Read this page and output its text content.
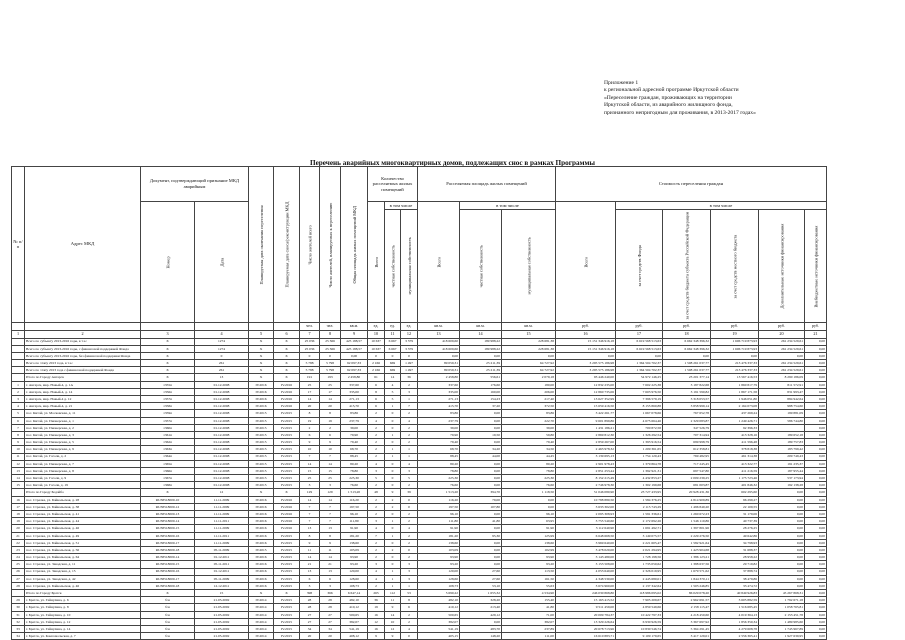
Приложение 1
к региональной адресной программе Иркутской области
«Переселение граждан, проживающих на территории
Иркутской области, из аварийного жилищного фонда,
признанного непригодным для проживания, в 2013-2017 годах»
Перечень аварийных многоквартирных домов, подлежащих снос в рамках Программы
№ п/п	Адрес МКД	Документ, подтверждающий признание МКД аварийным		Планируемая дата окончания переселения	Планируемая дата сноса/реконструкции МКД	Число жителей всего	Число жителей, планируемых к переселению	Общая площадь жилых помещений МКД	Количество расселяемых жилых помещений			Расселяемая площадь жилых помещений			Стоимость переселения граждан					
		Номер	Дата						Всего	в том числе		Всего	в том числе		Всего	в том числе				
										частная собственность	муниципальная собственность		частная собственность	муниципальная собственность		за счет средств Фонда	за счет средств бюджета субъекта Российской Федерации	за счет средств местного бюджета	Дополнительные источники финансирования	Внебюджетные источники финансирования
						чел.	чел.	кв.м.	ед.	ед.	ед.	кв.м.	кв.м.	кв.м.	руб.	руб.	руб.	руб.	руб.	руб.
1	2	3	4	5	6	7	8	9	10	11	12	13	14	15	16	17	18	19	20	21
	Всего по субъекту 2013-2016 годы, в т.ч.:	Х	1274	Х	Х	25 036	25 366	425 188,57	10 637	6 667	3 379	418 609,60	189 988,22	228 681,38	15 151 346 916,18	6 619 568 513,63	6 662 348 396,32	1 606 719 873,93	261 234 529,61	0,00
	Всего по субъекту 2013-2016 годы, с финансовой поддержкой Фонда	Х	1274	Х	Х	25 036	25 366	425 188,57	10 637	6 667	3 379	418 609,60	189 988,22	228 681,38	15 151 346 916,18	6 619 568 513,63	6 662 348 396,32	1 606 719 873,93	261 234 529,61	0,00
	Всего по субъекту 2013-2016 годы, без финансовой поддержки Фонда	Х	0	Х	Х	0	0	0,00	0	0	0	0,00	0,00	0,00	0,00	0,00	0,00	0,00	0,00	0,00
	Всего по этапу 2013 года, в т.ч.:	Х	261	Х	Х	5 788	5 798	92 097,33	2 166	669	1 497	89 059,31	25 211,39	64 727,92	3 295 575 186,98	1 364 504 702,37	1 508 261 037,77	213 476 337,33	261 234 529,61	0,00
	Всего по этапу 2013 года с финансовой поддержкой Фонда	Х	261	Х	Х	5 788	5 798	92 097,33	2 166	669	1 497	89 059,31	25 211,39	64 727,92	3 295 575 186,98	1 364 504 702,37	1 508 261 037,77	213 476 337,33	261 234 529,61	0,00
	Итого по Городу Ангарск	Х	13	Х	Х	191	193	2 458,80	61	14	36	2 458,80	556,61	2 079,18	93 446 240,00	54 972 146,25	23 201 377,14	13 567 416,53	8 290 186,09	0,00
1	г. Ангарск, мкр. Новый-4, д. 1А	1355п	01.12.2008	IV.2016	IV.2016	25	25	337,60	6	4	2	337,60	176,60	180,00	12 832 235,00	7 602 225,38	3 187 822,68	1 860 817,79	811 572,91	0,00
2	г. Ангарск, мкр. Новый-4, д. 14	1356п	01.12.2008	IV.2016	IV.2016	17	17	335,00	8	5	3	335,00	160,00	206,00	12 860 735,06	7 603 976,50	3 191 590,82	1 867 171,58	831 993,47	0,00
3	г. Ангарск, мкр. Новый-4 д. 12	1357п	01.12.2008	IV.2016	IV.2016	14	14	271,13	6	5	1	271,13	154,23	217,40	13 627 352,99	7 396 579,19	3 318 053,57	1 946 051,80	884 942,64	0,00
4	г. Ангарск, мкр. Новый-4, д. 21	1358п	01.12.2008	IV.2016	IV.2016	20	20	415,70	6	1	7	415,70	37,20	372,50	15 659 416,50	8 155 860,88	3 858 999,14	2 164 073,08	988 754,60	0,00
5	пос. Китой, ул. Московская, д. 11	1359п	01.12.2008	IV.2015	IV.2015	8	8	83,86	2	0	2	83,86	0,00	83,86	3 422 261,77	1 667 078,66	767 652,78	437 269,24	199 881,09	0,00
6	пос. Китой, ул. Пионерская, д. 1	1357п	01.12.2008	IV.2015	IV.2015	19	19	237,79	4	0	4	237,79	0,00	222,70	9 601 899,86	4 675 664,46	2 329 083,87	1 249 426,71	586 744,80	0,00
7	пос. Китой, ул. Пионерская, д. 2	1360п	01.12.2008	IV.2015	IV.2015	2	2	39,00	2	0	2	39,00	0,00	39,00	1 431 186,21	700 872,58	347 526,79	92 396,33		0,00
8	пос. Китой, ул. Пионерская, д. 3	1361п	01.12.2008	IV.2015	IV.2015	6	6	79,90	2	1	2	79,90	19,50	59,80	2 869 812,30	1 326 292,54	707 314,94	413 328,16	189 652,18	0,00
9	пос. Китой, ул. Пионерская, д. 5	1362п	01.12.2008	IV.2015	IV.2015	9	9	79,40	2	0	2	79,40	0,00	79,40	2 859 267,00	1 393 916,54	699 998,79	411 596,48	189 757,83	0,00
10	пос. Китой, ул. Пионерская, д. 9	1363п	01.12.2008	IV.2015	IV.2015	10	10	68,70	2	1	1	68,70	34,20	34,50	2 463 978,32	1 209 361,65	612 358,81	378 818,38	183 799,42	0,00
11	пос. Китой, ул. Гоголя, д. 2	1364п	01.12.2008	IV.2015	IV.2015	7	7	88,45	2	1	1	88,45	44,00	44,45	3 139 695,13	1 754 120,43	769 482,95	461 314,38	209 749,43	0,00
12	пос. Китой, ул. Пионерская, д. 7	1365п	01.12.2008	IV.2015	IV.2015	14	14	80,20	4	0	4	80,20	0,00	80,20	2 901 978,43	1 379 864,78	717 245,45	413 322,77	191 235,37	0,00
13	пос. Китой, ул. Пионерская, д. 8	1366п	01.12.2008	IV.2015	IV.2015	15	15	78,80	3	0	3	78,80	0,00	78,80	2 851 253,44	1 392 921,31	697 547,80	411 216,59	187 955,44	0,00
14	пос. Китой, ул. Гоголя, д. 9	1367п	01.12.2008	IV.2015	IV.2015	25	25	225,30	5	0	5	225,30	0,00	225,30	8 152 215,49	4 432 853,27	2 009 239,25	1 175 723,46	537 173,94	0,00
15	пос. Китой, ул. Гоголя, д. 19	1368п	01.12.2008	IV.2015	IV.2015	3	3	76,60	2	0	2	76,60	0,00	76,60	2 746 978,30	1 302 199,68	681 003,87	401 846,32	192 138,28	0,00
	Итого по Городу Бодайбо	Х	12	Х	Х	129	129	1 513,20	48	9	39	1 513,20	394,70	1 118,50	51 046 080,90	23 727 433,95	20 928 431,36	602 295,60	0,00	0,00
16	пос. Стрелка, ул. Байкальская, д. 28	RU38518000-10	11.11.2009	IV.2016	IV.2016	14	14	116,20	2	2	0	116,20	79,00	0,00	10 788 880,50	1 584 376,25	4 814 909,89	96 299,27	0,00	0,00
17	пос. Стрелка, ул. Байкальская, д. 38	RU38518000-12	11.11.2009	IV.2016	IV.2016	7	7	197,50	2	2	0	197,50	107,80	0,00	3 633 302,00	2 115 743,29	1 496 840,20	22 109,55	0,00	0,00
18	пос. Стрелка, ул. Байкальская, д. 41	RU38518000-13	11.11.2009	IV.2016	IV.2016	7	7	96,10	2	0	2	96,10	0,00	96,10	2 095 308,93	1 591 336,61	1 260 672,23	31 179,06	0,00	0,00
19	пос. Стрелка, ул. Байкальская, д. 44	RU38518000-14	11.11.2011	IV.2016	IV.2016	7	7	111,80	3	1	2	111,80	41,80	63,95	3 755 540,60	2 172 692,26	1 546 110,86	40 737,39	0,00	0,00
20	пос. Стрелка, ул. Байкальская, д. 46	RU38518000-15	11.11.2009	IV.2016	IV.2016	13	13	91,90	4	0	4	91,90	0,00	91,90	3 112 640,90	1 691 492,71	1 397 801,96	28 276,25	0,00	0,00
21	пос. Стрелка, ул. Байкальская, д. 49	RU38518000-16	11.11.2011	IV.2016	IV.2015	8	8	181,20	7	1	2	181,20	95,30	125,99	6 648 668,50	3 149 075,57	2 229 276,50	49 642,86	0,00	0,00
22	пос. Стрелка, ул. Байкальская, д. 51	RU38518000-17	11.11.2009	IV.2016	IV.2015	9	9	138,60	2	0	2	138,60	0,00	138,60	3 969 640,00	2 221 605,47	1 582 921,64	34 798,93	0,00	0,00
23	пос. Стрелка, ул. Байкальская, д. 56	RU38518000-18	05.11.2009	IV.2015	IV.2015	11	11	103,09	2	2	0	103,09	0,00	102,99	3 478 020,00	2 021 294,95	1 423 904,68	31 688,37	0,00	0,00
24	пос. Стрелка, ул. Байкальская, д. 64	RU38518000-14	01.12.2011	IV.2016	IV.2015	14	14	93,90	2	0	2	93,90	0,00	93,90	3 143 480,00	1 728 198,56	1 386 123,21	28 958,22	0,00	0,00
25	пос. Стрелка, ул. Заводская, д. 11	RU38518000-15	05.11.2011	IV.2016	IV.2015	21	21	93,20	3	0	3	93,20	0,00	93,20	3 153 508,00	1 735 050,62	1 388 637,56	29 719,82	0,00	0,00
26	пос. Стрелка, ул. Заводская, д. 15	RU38518000-16	01.12.2011	IV.2016	IV.2015	13	13	120,00	4	1	3	120,00	27,60	113,50	4 053 640,00	2 326 019,95	1 679 571,62	37 888,74	0,00	0,00
27	пос. Стрелка, ул. Заводская, д. 42	RU38518000-17	05.11.2009	IV.2016	IV.2015	6	6	128,60	4	1	3	128,60	27,60	161,50	4 348 530,00	2 445 680,01	1 844 370,11	38 479,86	0,00	0,00
28	пос. Стрелка, ул. Байкальская, д. 46	RU38518000-18	12.12.2011	IV.2016	IV.2015	3	3	108,73	2	1	1	108,73	53,10	55,63	3 674 960,00	2 137 342,64	1 503 246,85	33 474,72	0,00	0,00
	Итого по Городу Братск	Х	15	Х	Х	398	366	6 647,14	265	112	53	5 690,22	1 655,32	4 534,90	246 030 868,80	118 986 095,02	86 029 078,20	40 849 926,83	45 267 868,31	0,00
29	г. Братск, ул. Гайнулина, д. 6	б/н	21.05.2002	IV.2014	IV.2015	28	28	482,10	36	11	8	482,10	328,20	155,40	15 163 415,52	7 905 209,67	2 962 691,57	3 605 882,59	1 792 671,18	0,00
30	г. Братск, ул. Гайнулина, д. 8	б/н	21.05.2002	IV.2014	IV.2015	28	28	410,12	19	9	6	410,12	213,40	41,80	9 511 459,00	4 859 549,66	2 158 115,47	1 516 685,45	1 058 765,81	0,00
31	г. Братск, ул. Гайнулина, д. 10	б/н	21.05.2002	IV.2014	IV.2015	27	27	500,65	16	14	2	500,65	429,12	71,00	20 009 784,37	10 422 797,33	4 218 450,60	4 019 364,13	2 153 451,78	0,00
32	г. Братск, ул. Гайнулина, д. 12	б/н	21.05.2002	IV.2014	IV.2015	27	27	382,07	12	10	2	382,07	0,00	382,07	13 329 226,64	6 930 926,59	3 367 697,92	1 856 350,34	1 489 985,60	0,00
33	г. Братск, ул. Гайнулина, д. 14	б/н	21.05.2002	IV.2014	IV.2015	34	34	541,19	16	12	4	541,19	483,70	237,89	20 678 713,96	10 830 546,74	5 364 291,45	4 279 608,78	1 745 967,89	0,00
34	г. Братск, ул. Комсомольская, д. 7	б/н	21.05.2002	IV.2014	IV.2015	20	20	408,12	9	9	0	405,15	148,20	111,00	16 610 883,71	9 109 179,65	3 417 129,01	2 556 365,41	1 927 639,95	0,00
